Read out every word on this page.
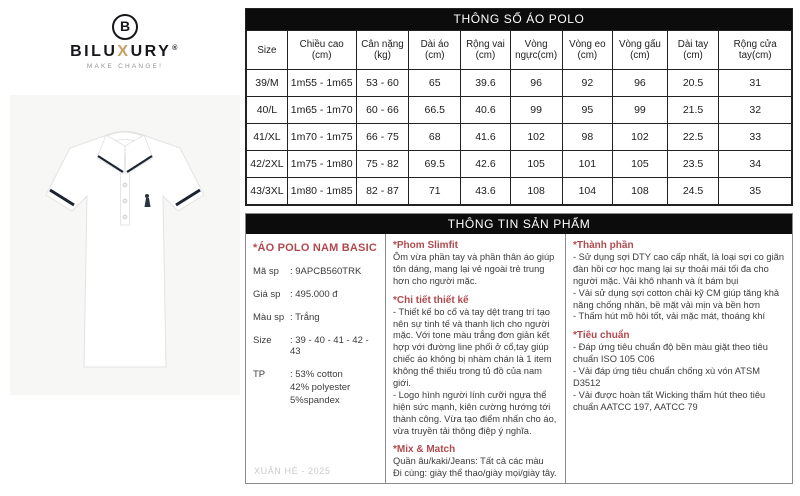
B
BILUXURY®
MAKE CHANGE!
THÔNG SỐ ÁO POLO
Size	Chiều cao (cm)	Cân nặng (kg)	Dài áo (cm)	Rộng vai (cm)	Vòng ngực(cm)	Vòng eo (cm)	Vòng gấu (cm)	Dài tay (cm)	Rộng cửa tay(cm)
39/M	1m55 - 1m65	53 - 60	65	39.6	96	92	96	20.5	31
40/L	1m65 - 1m70	60 - 66	66.5	40.6	99	95	99	21.5	32
41/XL	1m70 - 1m75	66 - 75	68	41.6	102	98	102	22.5	33
42/2XL	1m75 - 1m80	75 - 82	69.5	42.6	105	101	105	23.5	34
43/3XL	1m80 - 1m85	82 - 87	71	43.6	108	104	108	24.5	35
THÔNG TIN SẢN PHẨM
*ÁO POLO NAM BASIC
Mã sp	: 9APCB560TRK
Giá sp	: 495.000 đ
Màu sp : Trắng
Size	: 39 - 40 - 41 - 42 - 43
TP	: 53% cotton
42% polyester
5%spandex
XUÂN HÈ - 2025
*Phom Slimfit

Ôm vừa phần tay và phần thân áo giúp tôn dáng, mang lại vẻ ngoài trẻ trung hơn cho người mặc.

*Chi tiết thiết kế

- Thiết kế bo cổ và tay dệt trang trí tạo nên sự tinh tế và thanh lịch cho người mặc. Với tone màu trắng đơn giản kết hợp với đường line phối ở cổ,tay giúp chiếc áo không bị nhàm chán là 1 item không thể thiếu trong tủ đồ của nam giới.

- Logo hình người lính cưỡi ngựa thể hiện sức mạnh, kiên cường hướng tới thành công. Vừa tạo điểm nhấn cho áo, vừa truyền tải thông điệp ý nghĩa.

*Mix & Match

Quần âu/kaki/Jeans: Tất cả các màu

Đi cùng: giày thể thao/giày mọi/giày tây.

*Thành phần

- Sử dụng sợi DTY cao cấp nhất, là loại sợi co giãn đàn hồi cơ học mang lại sự thoải mái tối đa cho người mặc. Vải khô nhanh và ít bám bụi

- Vải sử dụng sợi cotton chải kỹ CM giúp tăng khả năng chống nhăn, bề mặt vải mịn và bền hơn

- Thấm hút mồ hôi tốt, vải mặc mát, thoáng khí

*Tiêu chuẩn

- Đáp ứng tiêu chuẩn độ bền màu giặt theo tiêu chuẩn ISO 105 C06

- Vải đáp ứng tiêu chuẩn chống xù vón ATSM D3512

- Vải được hoàn tất Wicking thấm hút theo tiêu chuẩn AATCC 197, AATCC 79
